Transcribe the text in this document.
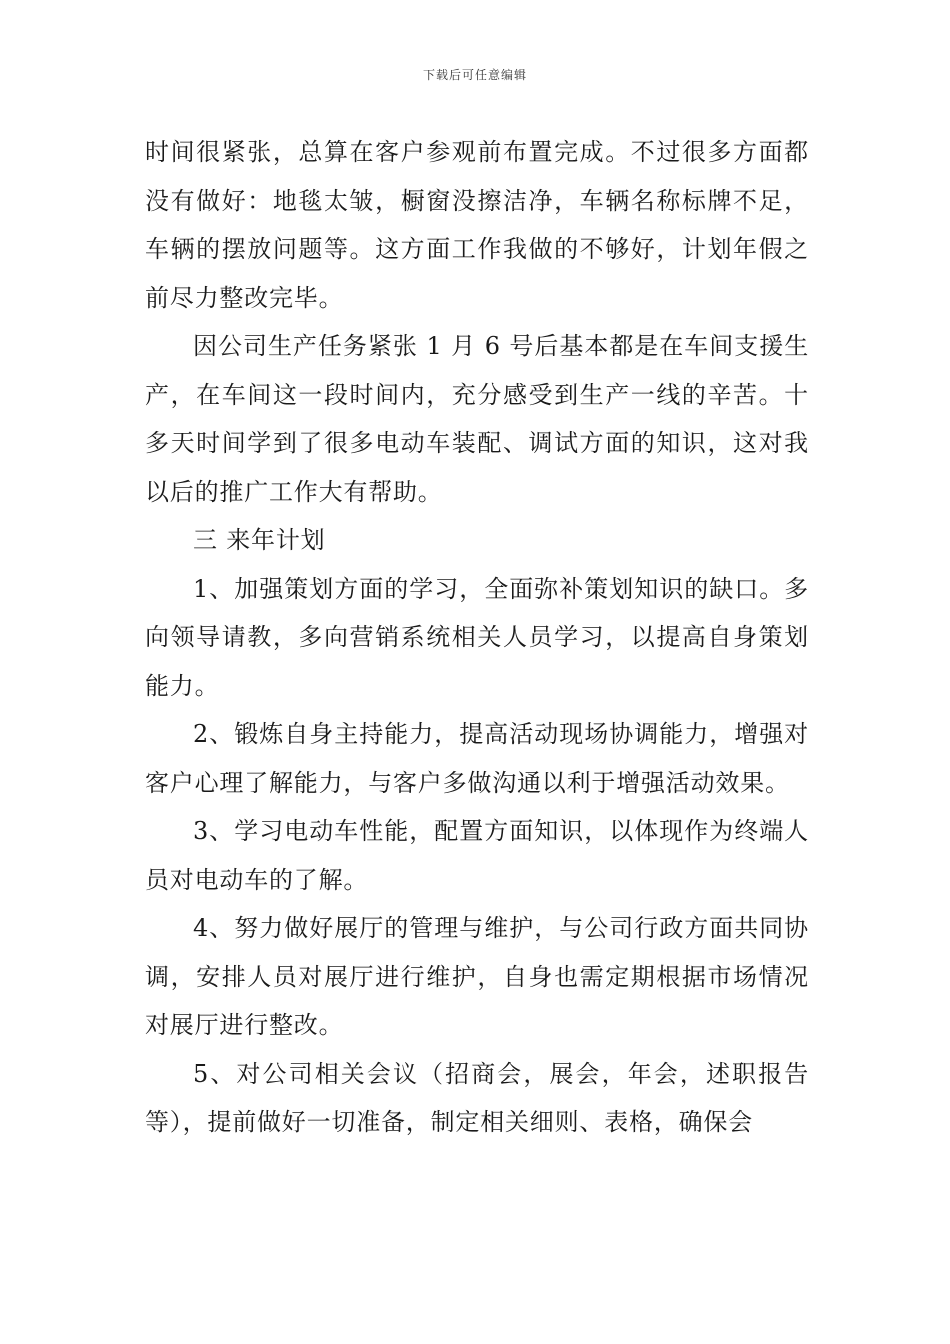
下载后可任意编辑

时间很紧张，总算在客户参观前布置完成。不过很多方面都没有做好：地毯太皱，橱窗没擦洁净，车辆名称标牌不足，车辆的摆放问题等。这方面工作我做的不够好，计划年假之前尽力整改完毕。

因公司生产任务紧张 1 月 6 号后基本都是在车间支援生产，在车间这一段时间内，充分感受到生产一线的辛苦。十多天时间学到了很多电动车装配、调试方面的知识，这对我以后的推广工作大有帮助。

三 来年计划

1、加强策划方面的学习，全面弥补策划知识的缺口。多向领导请教，多向营销系统相关人员学习，以提高自身策划能力。

2、锻炼自身主持能力，提高活动现场协调能力，增强对客户心理了解能力，与客户多做沟通以利于增强活动效果。

3、学习电动车性能，配置方面知识，以体现作为终端人员对电动车的了解。

4、努力做好展厅的管理与维护，与公司行政方面共同协调，安排人员对展厅进行维护，自身也需定期根据市场情况对展厅进行整改。

5、对公司相关会议（招商会，展会，年会，述职报告等），提前做好一切准备，制定相关细则、表格，确保会
